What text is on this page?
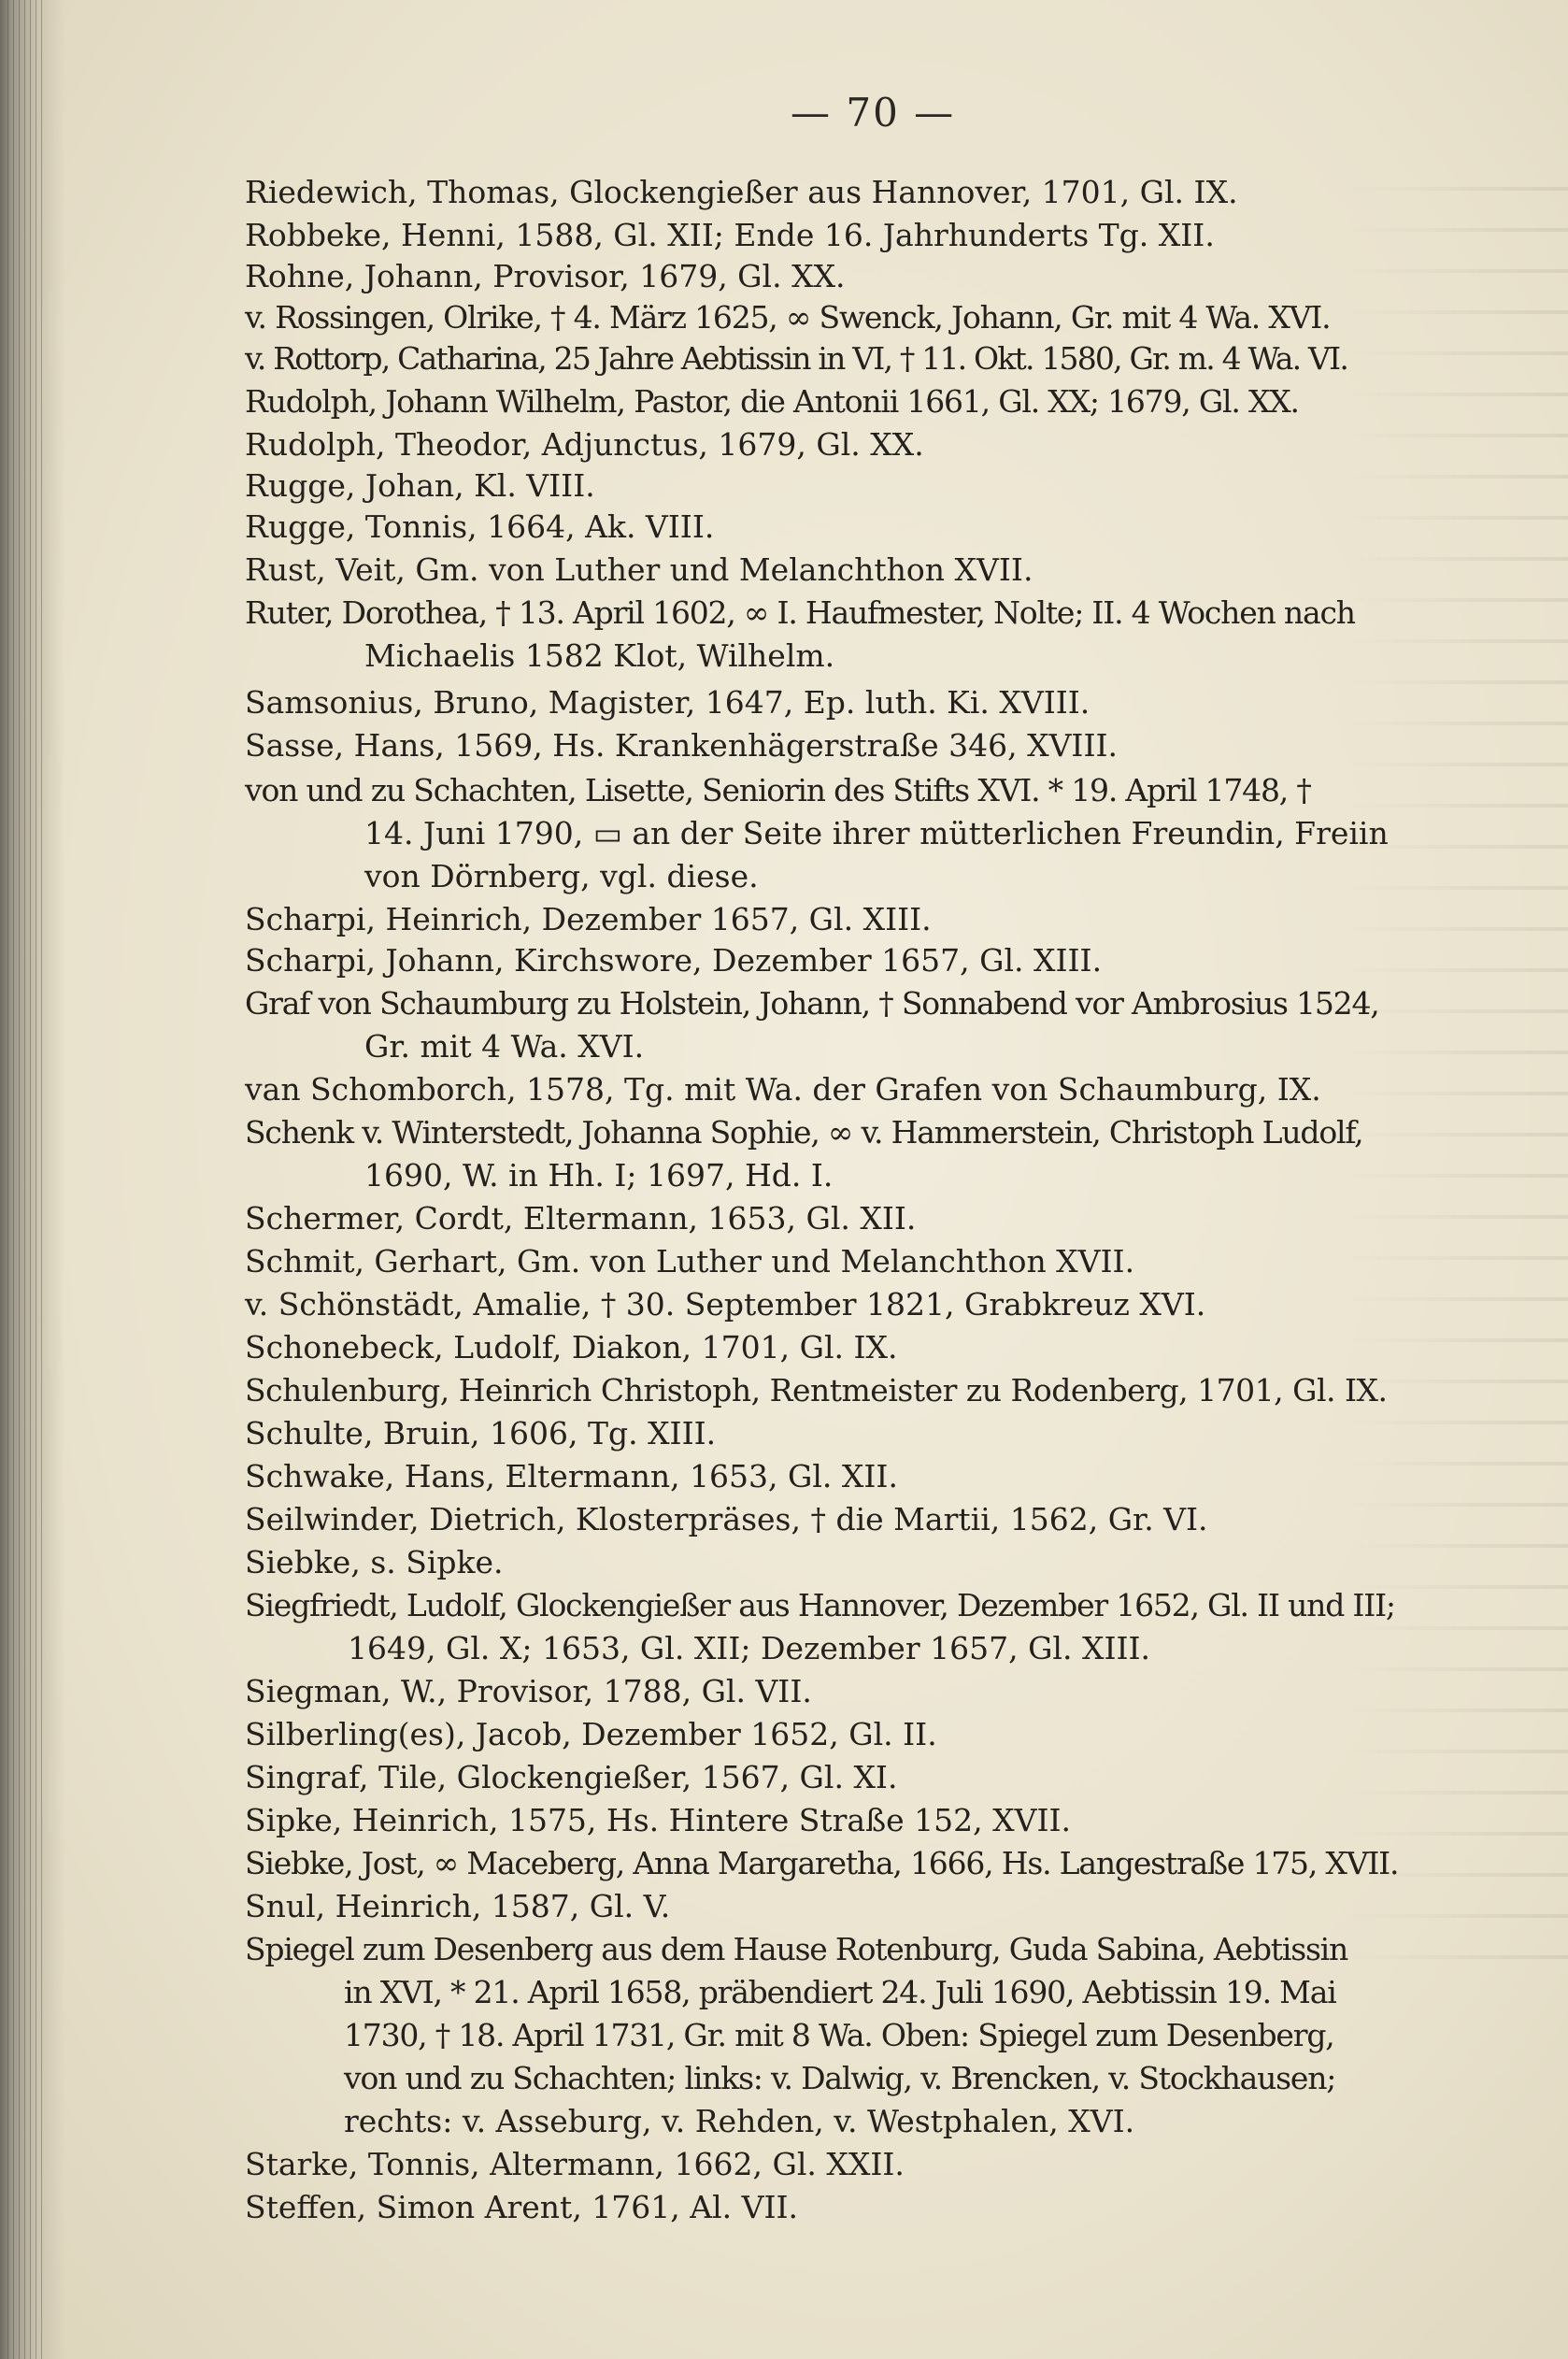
— 70 —
Riedewich, Thomas, Glockengießer aus Hannover, 1701, Gl. IX.
Robbeke, Henni, 1588, Gl. XII; Ende 16. Jahrhunderts Tg. XII.
Rohne, Johann, Provisor, 1679, Gl. XX.
v. Rossingen, Olrike, † 4. März 1625, ∞ Swenck, Johann, Gr. mit 4 Wa. XVI.
v. Rottorp, Catharina, 25 Jahre Aebtissin in VI, † 11. Okt. 1580, Gr. m. 4 Wa. VI.
Rudolph, Johann Wilhelm, Pastor, die Antonii 1661, Gl. XX; 1679, Gl. XX.
Rudolph, Theodor, Adjunctus, 1679, Gl. XX.
Rugge, Johan, Kl. VIII.
Rugge, Tonnis, 1664, Ak. VIII.
Rust, Veit, Gm. von Luther und Melanchthon XVII.
Ruter, Dorothea, † 13. April 1602, ∞ I. Haufmester, Nolte; II. 4 Wochen nach
Michaelis 1582 Klot, Wilhelm.
Samsonius, Bruno, Magister, 1647, Ep. luth. Ki. XVIII.
Sasse, Hans, 1569, Hs. Krankenhägerstraße 346, XVIII.
von und zu Schachten, Lisette, Seniorin des Stifts XVI. * 19. April 1748, †
14. Juni 1790, ▭ an der Seite ihrer mütterlichen Freundin, Freiin
von Dörnberg, vgl. diese.
Scharpi, Heinrich, Dezember 1657, Gl. XIII.
Scharpi, Johann, Kirchswore, Dezember 1657, Gl. XIII.
Graf von Schaumburg zu Holstein, Johann, † Sonnabend vor Ambrosius 1524,
Gr. mit 4 Wa. XVI.
van Schomborch, 1578, Tg. mit Wa. der Grafen von Schaumburg, IX.
Schenk v. Winterstedt, Johanna Sophie, ∞ v. Hammerstein, Christoph Ludolf,
1690, W. in Hh. I; 1697, Hd. I.
Schermer, Cordt, Eltermann, 1653, Gl. XII.
Schmit, Gerhart, Gm. von Luther und Melanchthon XVII.
v. Schönstädt, Amalie, † 30. September 1821, Grabkreuz XVI.
Schonebeck, Ludolf, Diakon, 1701, Gl. IX.
Schulenburg, Heinrich Christoph, Rentmeister zu Rodenberg, 1701, Gl. IX.
Schulte, Bruin, 1606, Tg. XIII.
Schwake, Hans, Eltermann, 1653, Gl. XII.
Seilwinder, Dietrich, Klosterpräses, † die Martii, 1562, Gr. VI.
Siebke, s. Sipke.
Siegfriedt, Ludolf, Glockengießer aus Hannover, Dezember 1652, Gl. II und III;
1649, Gl. X; 1653, Gl. XII; Dezember 1657, Gl. XIII.
Siegman, W., Provisor, 1788, Gl. VII.
Silberling(es), Jacob, Dezember 1652, Gl. II.
Singraf, Tile, Glockengießer, 1567, Gl. XI.
Sipke, Heinrich, 1575, Hs. Hintere Straße 152, XVII.
Siebke, Jost, ∞ Maceberg, Anna Margaretha, 1666, Hs. Langestraße 175, XVII.
Snul, Heinrich, 1587, Gl. V.
Spiegel zum Desenberg aus dem Hause Rotenburg, Guda Sabina, Aebtissin
in XVI, * 21. April 1658, präbendiert 24. Juli 1690, Aebtissin 19. Mai
1730, † 18. April 1731, Gr. mit 8 Wa. Oben: Spiegel zum Desenberg,
von und zu Schachten; links: v. Dalwig, v. Brencken, v. Stockhausen;
rechts: v. Asseburg, v. Rehden, v. Westphalen, XVI.
Starke, Tonnis, Altermann, 1662, Gl. XXII.
Steffen, Simon Arent, 1761, Al. VII.
